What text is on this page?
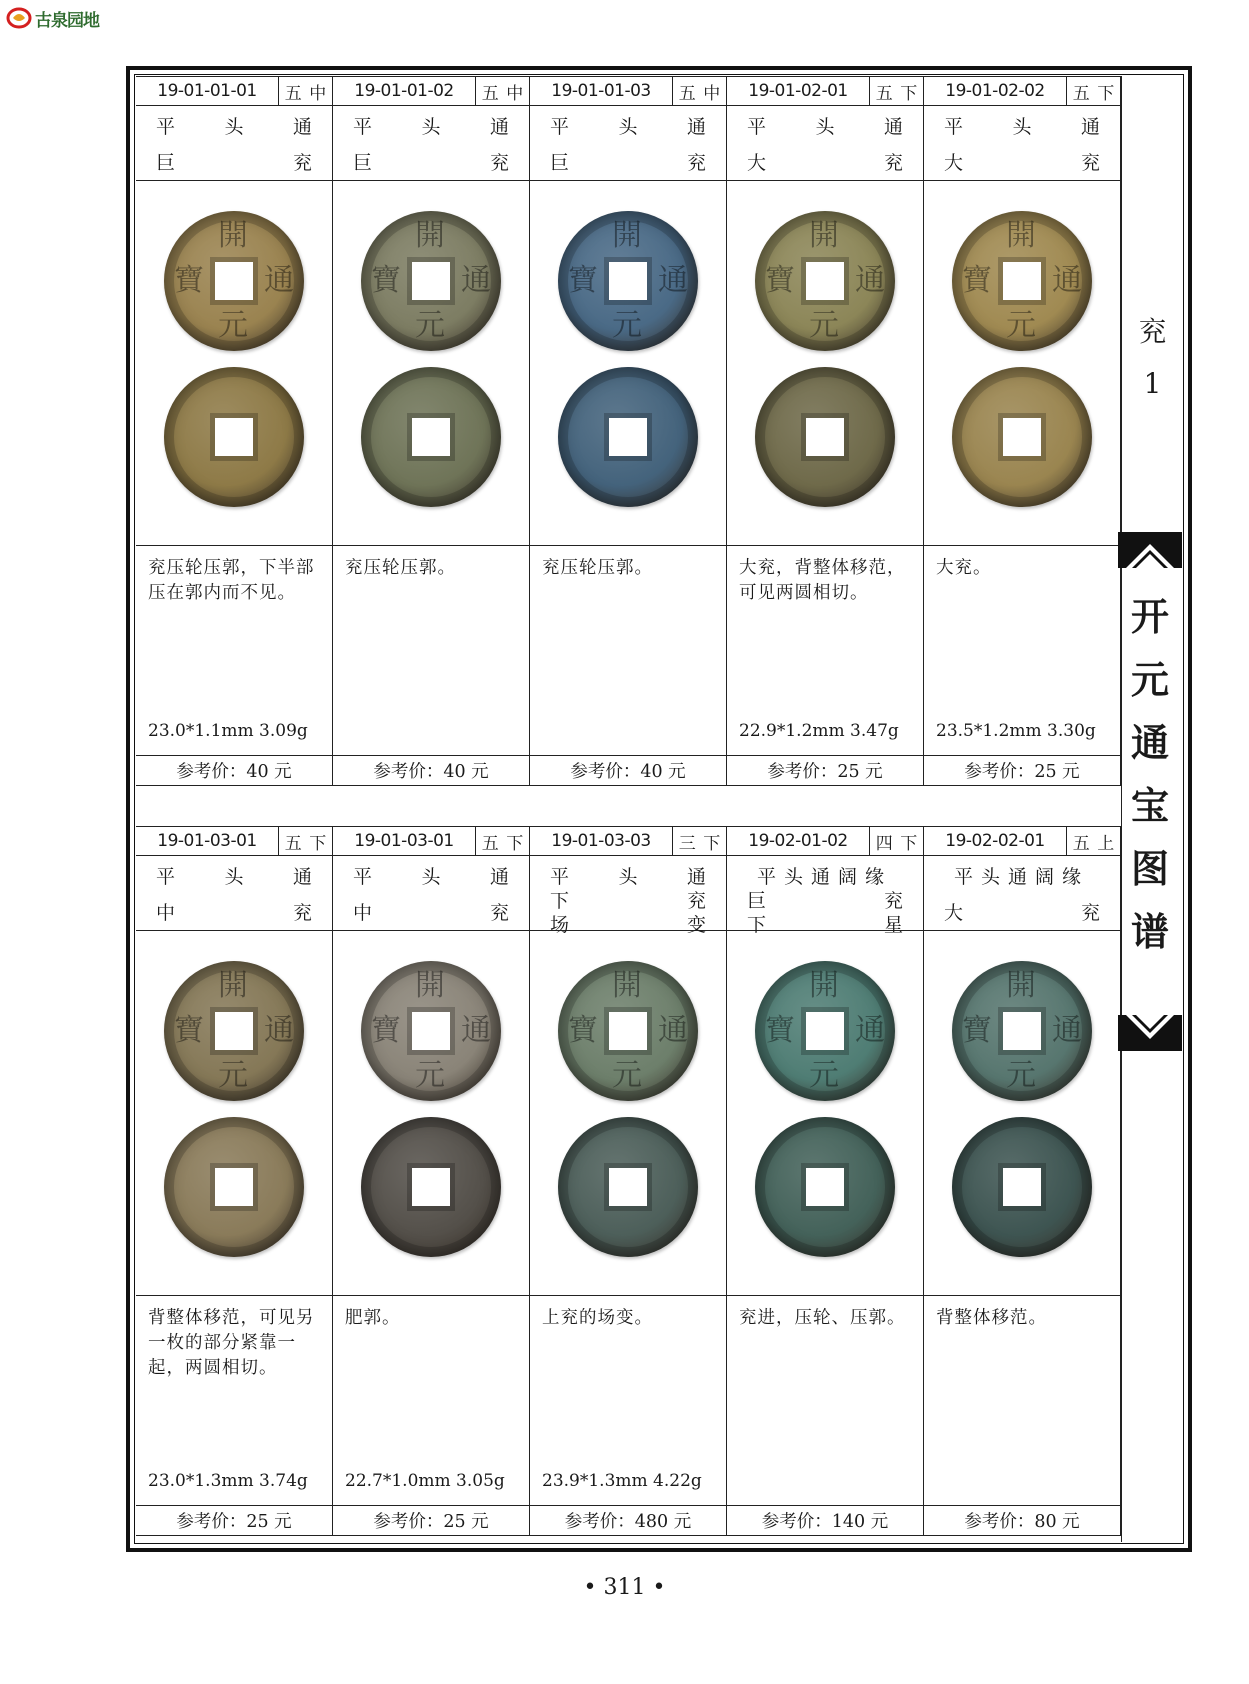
古泉园地
19-01-01-01	五 中
平	头	通
巨	兖
開
元
通
寶
兖压轮压郭，下半部压在郭内而不见。
23.0*1.1mm 3.09g
参考价：40 元
19-01-01-02	五 中
平	头	通
巨	兖
開
元
通
寶
兖压轮压郭。
参考价：40 元
19-01-01-03	五 中
平	头	通
巨	兖
開
元
通
寶
兖压轮压郭。
参考价：40 元
19-01-02-01	五 下
平	头	通
大	兖
開
元
通
寶
大兖，背整体移范，可见两圆相切。
22.9*1.2mm 3.47g
参考价：25 元
19-01-02-02	五 下
平	头	通
大	兖
開
元
通
寶
大兖。
23.5*1.2mm 3.30g
参考价：25 元
19-01-03-01	五 下
平	头	通
中	兖
開
元
通
寶
背整体移范，可见另一枚的部分紧靠一起，两圆相切。
23.0*1.3mm 3.74g
参考价：25 元
19-01-03-01	五 下
平	头	通
中	兖
開
元
通
寶
肥郭。
22.7*1.0mm 3.05g
参考价：25 元
19-01-03-03	三 下
平	头	通
下	兖
场	变
開
元
通
寶
上兖的场变。
23.9*1.3mm 4.22g
参考价：480 元
19-02-01-02	四 下
平头通阔缘
巨	兖
下	星
開
元
通
寶
兖进，压轮、压郭。
参考价：140 元
19-02-02-01	五 上
平头通阔缘
大	兖
開
元
通
寶
背整体移范。
参考价：80 元
兖
1
开
元
通
宝
图
谱
• 311 •
